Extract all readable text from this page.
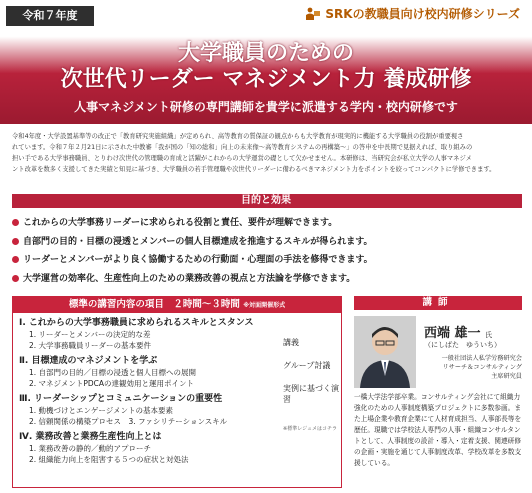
令和７年度	SRKの教職員向け校内研修シリーズ
大学職員のための
次世代リーダー マネジメント力 養成研修
人事マネジメント研修の専門講師を貴学に派遣する学内・校内研修です

令和4年度・大学設置基準等の改正で「教育研究実施組織」が定められ、高等教育の質保証の観点からも大学教育が現実的に機能する大学職員の役割が重要視さ

れています。令和７年２月21日に示された中教審「我が国の「知の総和」向上の未来像～高等教育システムの再構築～」の答申を中長期で見据えれば、取り組みの

担い手である大学事務職員、とりわけ次世代の管理職の育成と活躍がこれからの大学運営の礎として欠かせません。本研修は、当研究会が私立大学の人事マネジメ

ント改革を数多く支援してきた実績と知見に基づき、大学職員の若手管理職や次世代リーダーに備わるべきマネジメント力をポイントを絞ってコンパクトに学修できます。

目的と効果
これからの大学事務リーダーに求められる役割と責任、要件が理解できます。
自部門の目的・目標の浸透とメンバーの個人目標達成を推進するスキルが得られます。
リーダーとメンバーがより良く協働するための行動面・心理面の手法を修得できます。
大学運営の効率化、生産性向上のための業務改善の視点と方法論を学修できます。
標準の講習内容の項目　２時間～３時間 ※対面開催形式
Ⅰ. これからの大学事務職員に求められるスキルとスタンス
1. リーダーとメンバーの決定的な差
2. 大学事務職員リーダーの基本要件
Ⅱ. 目標達成のマネジメントを学ぶ
1. 自部門の目的／目標の浸透と個人目標への展開
2. マネジメントPDCAの達観効用と運用ポイント
Ⅲ. リーダーシップとコミュニケーションの重要性
1. 動機づけとエンゲージメントの基本要素
2. 信頼関係の構築プロセス　3. ファシリテーションスキル
Ⅳ. 業務改善と業務生産性向上とは
1. 業務改善の静的／動的アプローチ
2. 組織能力向上を阻害する５つの症状と対処法
講義
グループ討議
実例に基づく演習
※標準レジュメはコチラ
講師
西端 雄一 氏
（にしばた　ゆういち）
一般社団法人私学労務研究会
リサーチ＆コンサルティング
主席研究員
一橋大学法学部卒業。コンサルティング会社にて組織力強化のための人事制度構築プロジェクトに多数参画。また上場企業や教育企業にて人材育成担当、人事部長等を歴任。現職では学校法人専門の人事・組織コンサルタントとして、人事制度の設計・導入・定着支援、関連研修の企画・実施を通じて人事制度改革、学校改革を多数支援している。
